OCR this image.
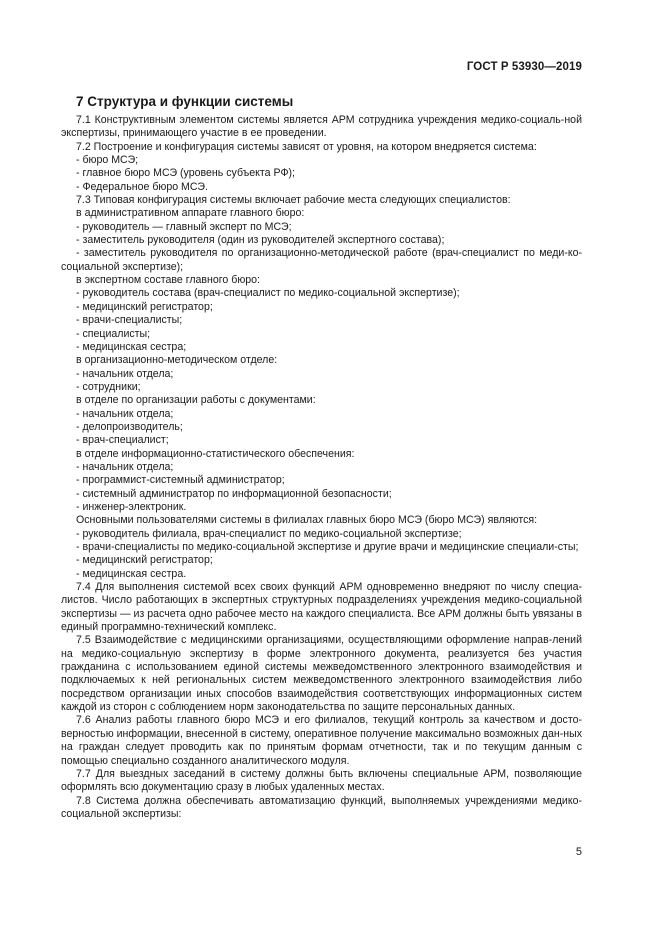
ГОСТ Р 53930—2019
7 Структура и функции системы
7.1 Конструктивным элементом системы является АРМ сотрудника учреждения медико-социаль-ной экспертизы, принимающего участие в ее проведении.
7.2 Построение и конфигурация системы зависят от уровня, на котором внедряется система:
- бюро МСЭ;
- главное бюро МСЭ (уровень субъекта РФ);
- Федеральное бюро МСЭ.
7.3 Типовая конфигурация системы включает рабочие места следующих специалистов:
в административном аппарате главного бюро:
- руководитель — главный эксперт по МСЭ;
- заместитель руководителя (один из руководителей экспертного состава);
- заместитель руководителя по организационно-методической работе (врач-специалист по меди-ко-социальной экспертизе);
в экспертном составе главного бюро:
- руководитель состава (врач-специалист по медико-социальной экспертизе);
- медицинский регистратор;
- врачи-специалисты;
- специалисты;
- медицинская сестра;
в организационно-методическом отделе:
- начальник отдела;
- сотрудники;
в отделе по организации работы с документами:
- начальник отдела;
- делопроизводитель;
- врач-специалист;
в отделе информационно-статистического обеспечения:
- начальник отдела;
- программист-системный администратор;
- системный администратор по информационной безопасности;
- инженер-электроник.
Основными пользователями системы в филиалах главных бюро МСЭ (бюро МСЭ) являются:
- руководитель филиала, врач-специалист по медико-социальной экспертизе;
- врачи-специалисты по медико-социальной экспертизе и другие врачи и медицинские специали-сты;
- медицинский регистратор;
- медицинская сестра.
7.4 Для выполнения системой всех своих функций АРМ одновременно внедряют по числу специа-листов. Число работающих в экспертных структурных подразделениях учреждения медико-социальной экспертизы — из расчета одно рабочее место на каждого специалиста. Все АРМ должны быть увязаны в единый программно-технический комплекс.
7.5 Взаимодействие с медицинскими организациями, осуществляющими оформление направ-лений на медико-социальную экспертизу в форме электронного документа, реализуется без участия гражданина с использованием единой системы межведомственного электронного взаимодействия и подключаемых к ней региональных систем межведомственного электронного взаимодействия либо посредством организации иных способов взаимодействия соответствующих информационных систем каждой из сторон с соблюдением норм законодательства по защите персональных данных.
7.6 Анализ работы главного бюро МСЭ и его филиалов, текущий контроль за качеством и досто-верностью информации, внесенной в систему, оперативное получение максимально возможных дан-ных на граждан следует проводить как по принятым формам отчетности, так и по текущим данным с помощью специально созданного аналитического модуля.
7.7 Для выездных заседаний в систему должны быть включены специальные АРМ, позволяющие оформлять всю документацию сразу в любых удаленных местах.
7.8 Система должна обеспечивать автоматизацию функций, выполняемых учреждениями медико-социальной экспертизы:
5
